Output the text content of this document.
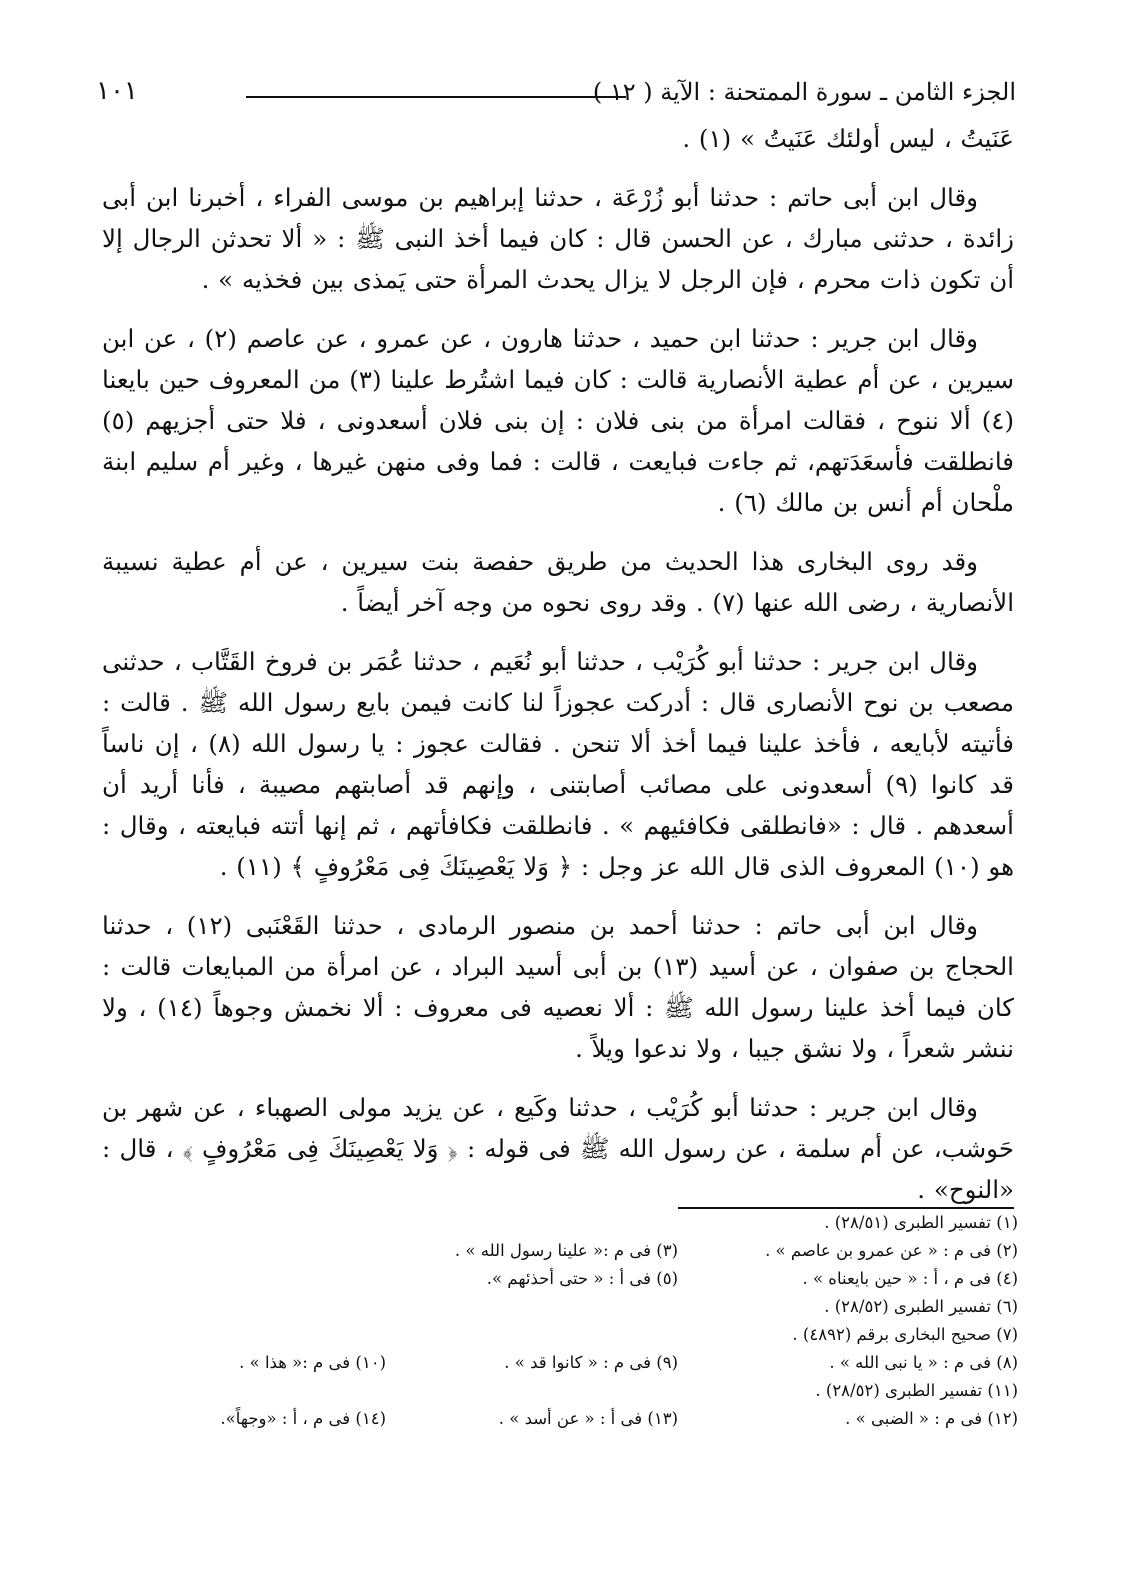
الجزء الثامن ـ سورة الممتحنة : الآية ( ١٢ )
١٠١

عَنَيتُ ، ليس أولئك عَنَيتُ » (١) .

وقال ابن أبى حاتم : حدثنا أبو زُرْعَة ، حدثنا إبراهيم بن موسى الفراء ، أخبرنا ابن أبى زائدة ، حدثنى مبارك ، عن الحسن قال : كان فيما أخذ النبى ﷺ : « ألا تحدثن الرجال إلا أن تكون ذات محرم ، فإن الرجل لا يزال يحدث المرأة حتى يَمذى بين فخذيه » .

وقال ابن جرير : حدثنا ابن حميد ، حدثنا هارون ، عن عمرو ، عن عاصم (٢) ، عن ابن سيرين ، عن أم عطية الأنصارية قالت : كان فيما اشتُرط علينا (٣) من المعروف حين بايعنا (٤) ألا ننوح ، فقالت امرأة من بنى فلان : إن بنى فلان أسعدونى ، فلا حتى أجزيهم (٥) فانطلقت فأسعَدَتهم، ثم جاءت فبايعت ، قالت : فما وفى منهن غيرها ، وغير أم سليم ابنة ملْحان أم أنس بن مالك (٦) .

وقد روى البخارى هذا الحديث من طريق حفصة بنت سيرين ، عن أم عطية نسيبة الأنصارية ، رضى الله عنها (٧) . وقد روى نحوه من وجه آخر أيضاً .

وقال ابن جرير : حدثنا أبو كُرَيْب ، حدثنا أبو نُعَيم ، حدثنا عُمَر بن فروخ القَتَّاب ، حدثنى مصعب بن نوح الأنصارى قال : أدركت عجوزاً لنا كانت فيمن بايع رسول الله ﷺ . قالت : فأتيته لأبايعه ، فأخذ علينا فيما أخذ ألا تنحن . فقالت عجوز : يا رسول الله (٨) ، إن ناساً قد كانوا (٩) أسعدونى على مصائب أصابتنى ، وإنهم قد أصابتهم مصيبة ، فأنا أريد أن أسعدهم . قال : «فانطلقى فكافئيهم » . فانطلقت فكافأتهم ، ثم إنها أتته فبايعته ، وقال : هو (١٠) المعروف الذى قال الله عز وجل : ﴿ وَلا يَعْصِينَكَ فِى مَعْرُوفٍ ﴾ (١١) .

وقال ابن أبى حاتم : حدثنا أحمد بن منصور الرمادى ، حدثنا القَعْنَبى (١٢) ، حدثنا الحجاج بن صفوان ، عن أسيد (١٣) بن أبى أسيد البراد ، عن امرأة من المبايعات قالت : كان فيما أخذ علينا رسول الله ﷺ : ألا نعصيه فى معروف : ألا نخمش وجوهاً (١٤) ، ولا ننشر شعراً ، ولا نشق جيبا ، ولا ندعوا ويلاً .

وقال ابن جرير : حدثنا أبو كُرَيْب ، حدثنا وكَيع ، عن يزيد مولى الصهباء ، عن شهر بن حَوشب، عن أم سلمة ، عن رسول الله ﷺ فى قوله : ﴿ وَلا يَعْصِينَكَ فِى مَعْرُوفٍ ﴾ ، قال : «النوح» .

(١) تفسير الطبرى (٢٨/٥١) .
(٢) فى م : « عن عمرو بن عاصم » .
(٣) فى م :« علينا رسول الله » .
(٤) فى م ، أ : « حين بايعناه » .
(٥) فى أ : « حتى أحذئهم ».
(٦) تفسير الطبرى (٢٨/٥٢) .
(٧) صحيح البخارى برقم (٤٨٩٢) .
(٨) فى م : « يا نبى الله » .
(٩) فى م : « كانوا قد » .
(١٠) فى م :« هذا » .
(١١) تفسير الطبرى (٢٨/٥٢) .
(١٢) فى م : « الضبى » .
(١٣) فى أ : « عن أسد » .
(١٤) فى م ، أ : «وجهاً».
